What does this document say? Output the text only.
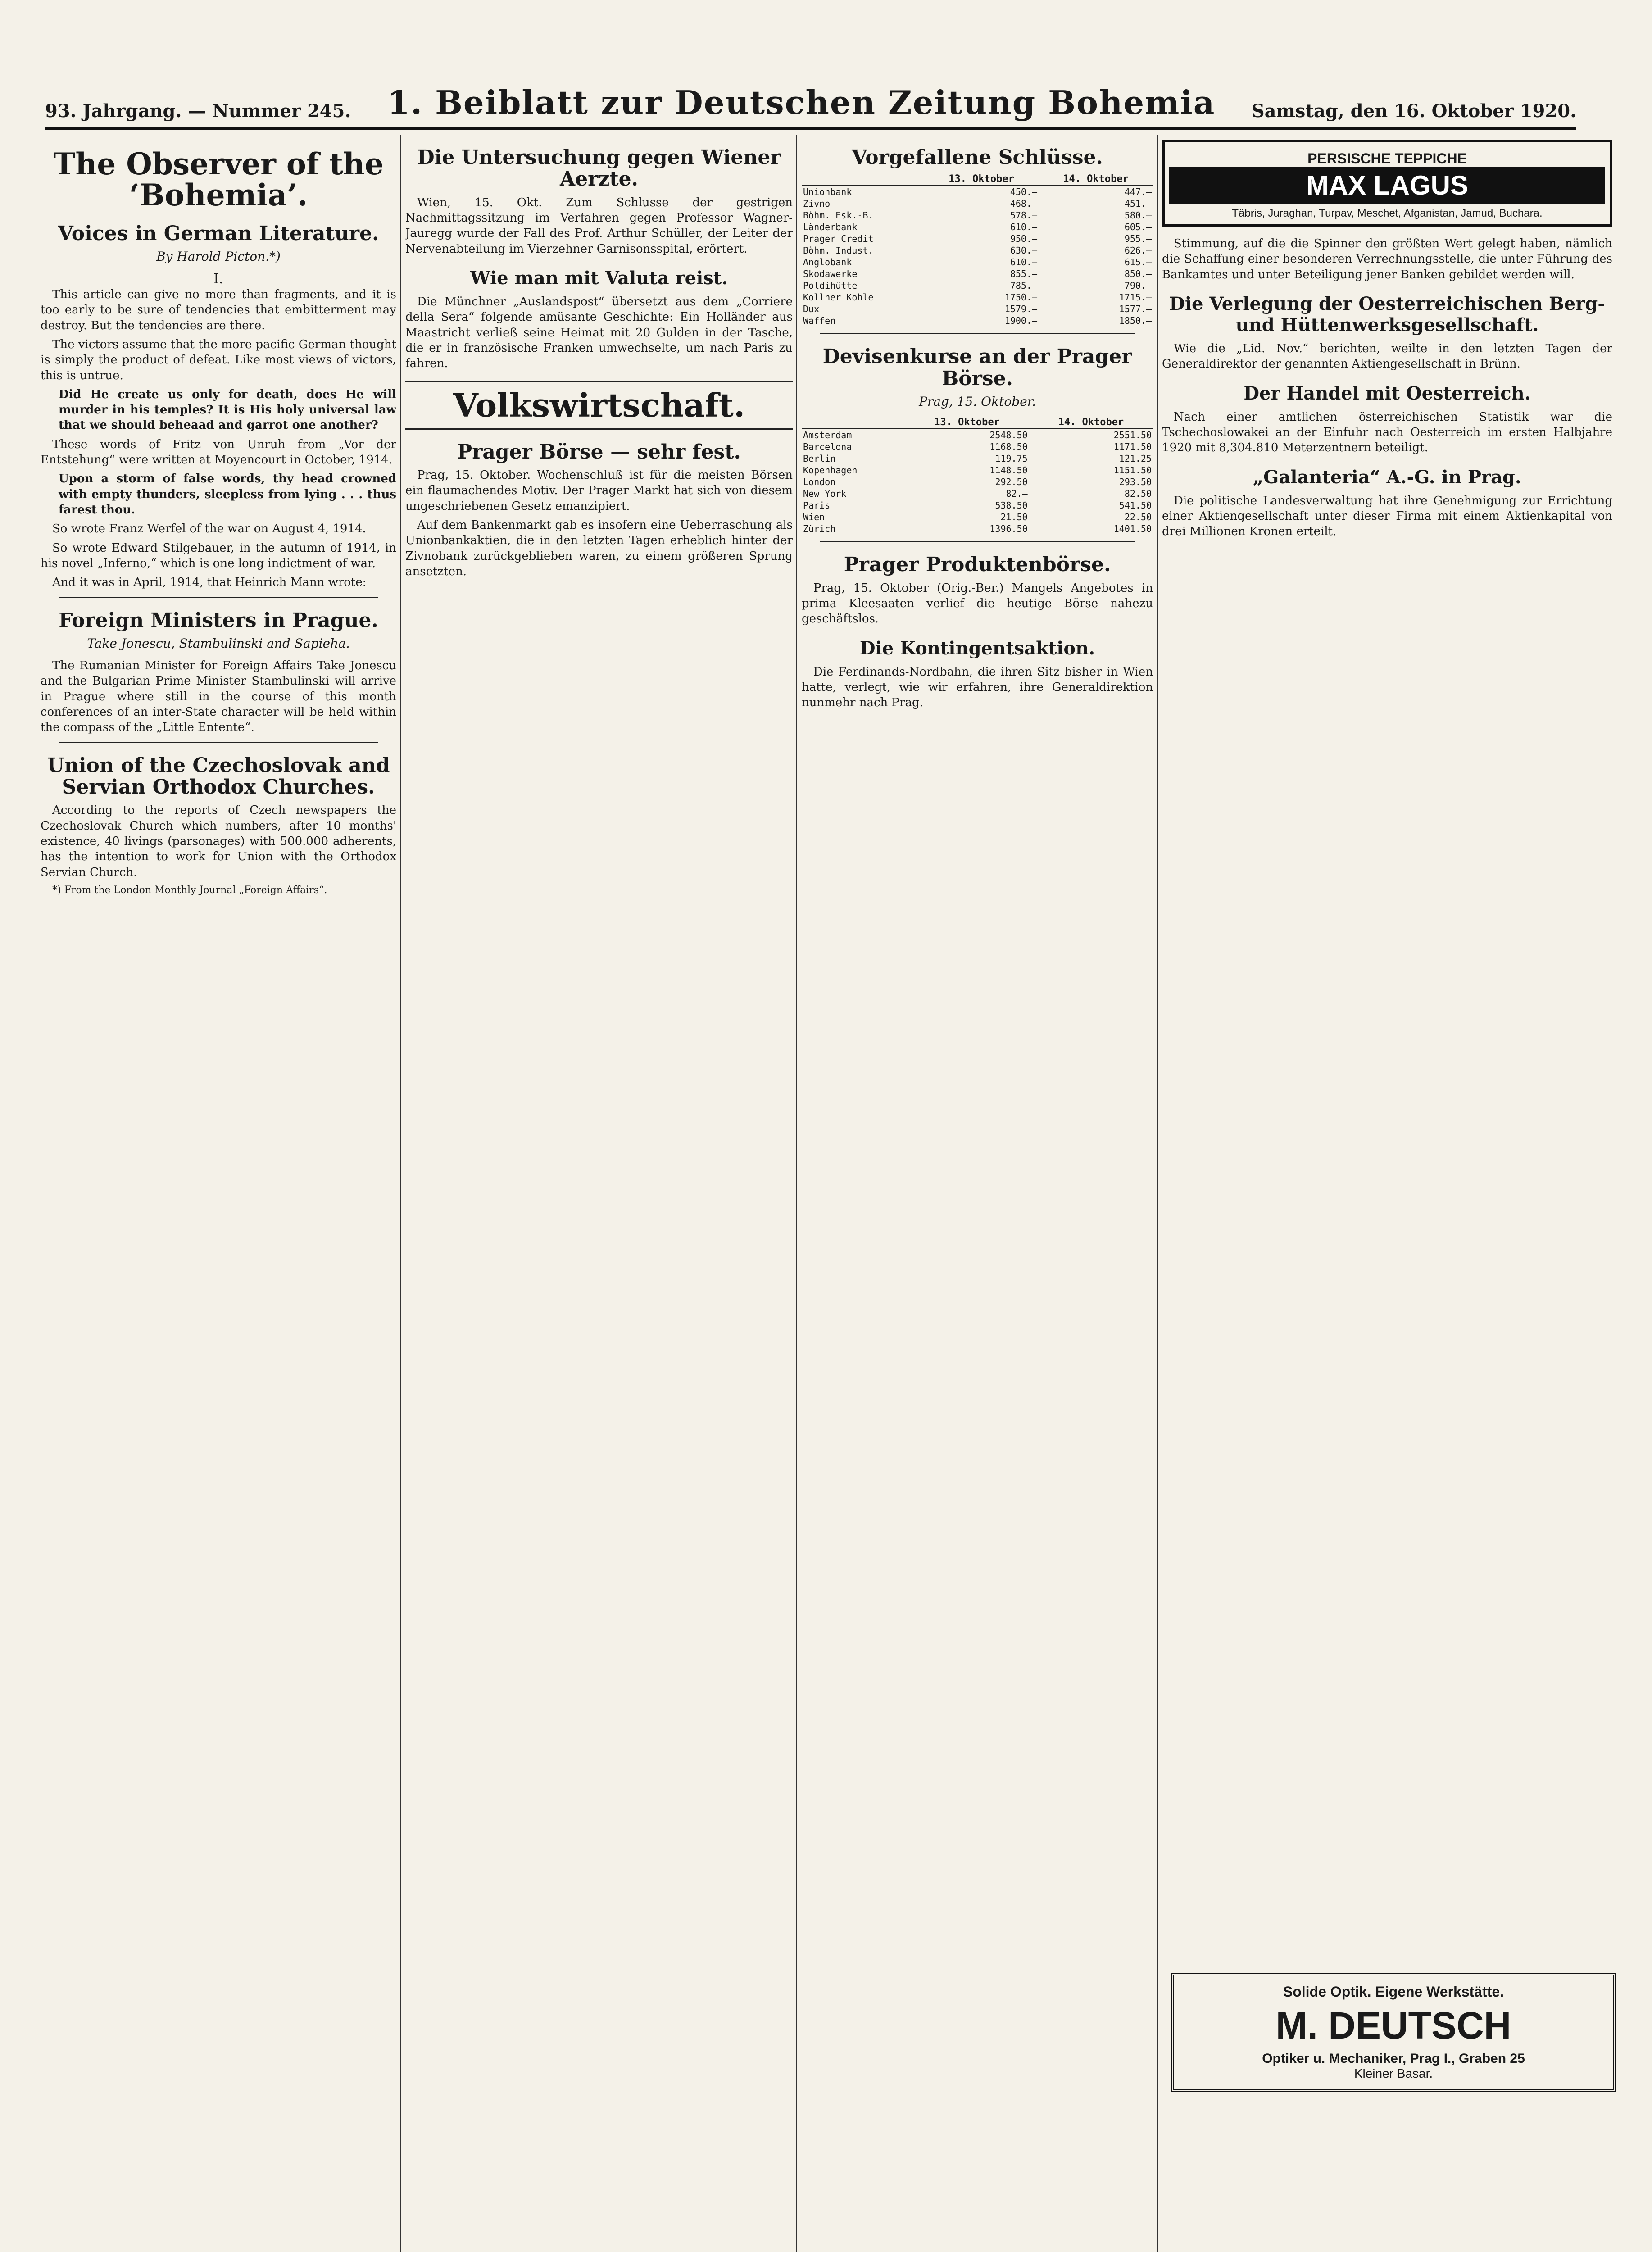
93. Jahrgang. — Nummer 245. 1. Beiblatt zur Deutschen Zeitung Bohemia Samstag, den 16. Oktober 1920.
The Observer of the ‘Bohemia’.
Voices in German Literature.
By Harold Picton.*)
I.

This article can give no more than fragments, and it is too early to be sure of tendencies that embitterment may destroy. But the tendencies are there.

The victors assume that the more pacific German thought is simply the product of defeat. Like most views of victors, this is untrue.

Did He create us only for death, does He will murder in his temples? It is His holy universal law that we should beheaad and garrot one another?

These words of Fritz von Unruh from „Vor der Entstehung“ were written at Moyencourt in October, 1914.

Upon a storm of false words, thy head crowned with empty thunders, sleepless from lying . . . thus farest thou.

So wrote Franz Werfel of the war on August 4, 1914.

So wrote Edward Stilgebauer, in the autumn of 1914, in his novel „Inferno,“ which is one long indictment of war.

And it was in April, 1914, that Heinrich Mann wrote:

Foreign Ministers in Prague.
Take Jonescu, Stambulinski and Sapieha.

The Rumanian Minister for Foreign Affairs Take Jonescu and the Bulgarian Prime Minister Stambulinski will arrive in Prague where still in the course of this month conferences of an inter-State character will be held within the compass of the „Little Entente“.

Union of the Czechoslovak and Servian Orthodox Churches.

According to the reports of Czech newspapers the Czechoslovak Church which numbers, after 10 months' existence, 40 livings (parsonages) with 500.000 adherents, has the intention to work for Union with the Orthodox Servian Church.

*) From the London Monthly Journal „Foreign Affairs“.

Die Untersuchung gegen Wiener Aerzte.

Wien, 15. Okt. Zum Schlusse der gestrigen Nachmittagssitzung im Verfahren gegen Professor Wagner-Jauregg wurde der Fall des Prof. Arthur Schüller, der Leiter der Nervenabteilung im Vierzehner Garnisonsspital, erörtert.

Wie man mit Valuta reist.

Die Münchner „Auslandspost“ übersetzt aus dem „Corriere della Sera“ folgende amüsante Geschichte: Ein Holländer aus Maastricht verließ seine Heimat mit 20 Gulden in der Tasche, die er in französische Franken umwechselte, um nach Paris zu fahren.

Volkswirtschaft.
Prager Börse — sehr fest.

Prag, 15. Oktober. Wochenschluß ist für die meisten Börsen ein flaumachendes Motiv. Der Prager Markt hat sich von diesem ungeschriebenen Gesetz emanzipiert.

Auf dem Bankenmarkt gab es insofern eine Ueberraschung als Unionbankaktien, die in den letzten Tagen erheblich hinter der Zivnobank zurückgeblieben waren, zu einem größeren Sprung ansetzten.

Vorgefallene Schlüsse.
	13. Oktober	14. Oktober
Unionbank	450.—	447.—
Zivno	468.—	451.—
Böhm. Esk.-B.	578.—	580.—
Länderbank	610.—	605.—
Prager Credit	950.—	955.—
Böhm. Indust.	630.—	626.—
Anglobank	610.—	615.—
Skodawerke	855.—	850.—
Poldihütte	785.—	790.—
Kollner Kohle	1750.—	1715.—
Dux	1579.—	1577.—
Waffen	1900.—	1850.—
Devisenkurse an der Prager Börse.
Prag, 15. Oktober.
	13. Oktober	14. Oktober
Amsterdam	2548.50	2551.50
Barcelona	1168.50	1171.50
Berlin	119.75	121.25
Kopenhagen	1148.50	1151.50
London	292.50	293.50
New York	82.—	82.50
Paris	538.50	541.50
Wien	21.50	22.50
Zürich	1396.50	1401.50
Prager Produktenbörse.

Prag, 15. Oktober (Orig.-Ber.) Mangels Angebotes in prima Kleesaaten verlief die heutige Börse nahezu geschäftslos.

Die Kontingentsaktion.

Die Ferdinands-Nordbahn, die ihren Sitz bisher in Wien hatte, verlegt, wie wir erfahren, ihre Generaldirektion nunmehr nach Prag.

PERSISCHE TEPPICHE
MAX LAGUS
Täbris, Juraghan, Turpav, Meschet, Afganistan, Jamud, Buchara.

Stimmung, auf die die Spinner den größten Wert gelegt haben, nämlich die Schaffung einer besonderen Verrechnungsstelle, die unter Führung des Bankamtes und unter Beteiligung jener Banken gebildet werden will.

Die Verlegung der Oesterreichischen Berg- und Hüttenwerksgesellschaft.

Wie die „Lid. Nov.“ berichten, weilte in den letzten Tagen der Generaldirektor der genannten Aktiengesellschaft in Brünn.

Der Handel mit Oesterreich.

Nach einer amtlichen österreichischen Statistik war die Tschechoslowakei an der Einfuhr nach Oesterreich im ersten Halbjahre 1920 mit 8,304.810 Meterzentnern beteiligt.

„Galanteria“ A.-G. in Prag.

Die politische Landesverwaltung hat ihre Genehmigung zur Errichtung einer Aktiengesellschaft unter dieser Firma mit einem Aktienkapital von drei Millionen Kronen erteilt.

Solide Optik. Eigene Werkstätte.
M. DEUTSCH
Optiker u. Mechaniker, Prag I., Graben 25
Kleiner Basar.
